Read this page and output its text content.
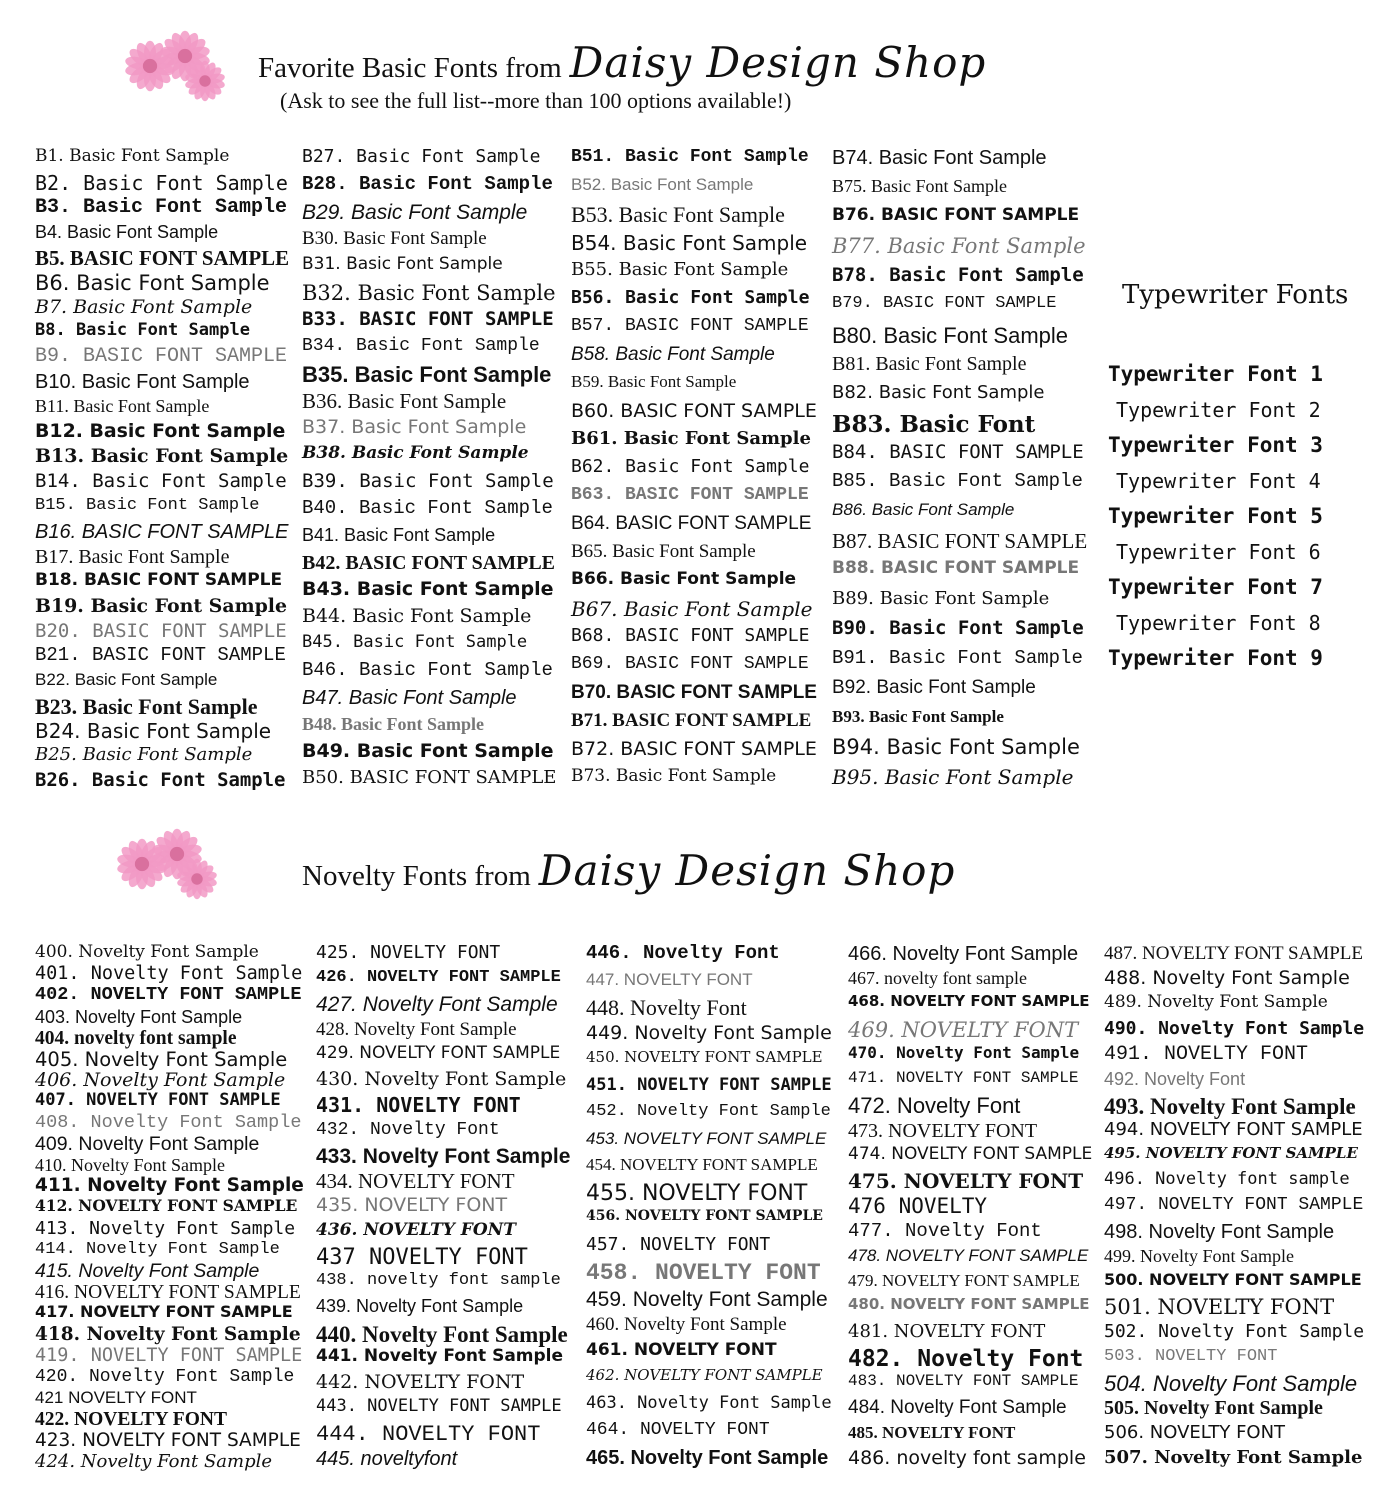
Favorite Basic Fonts from Daisy Design Shop
(Ask to see the full list--more than 100 options available!)
B1. Basic Font Sample
B2. Basic Font Sample
B3. Basic Font Sample
B4. Basic Font Sample
B5. BASIC FONT SAMPLE
B6. Basic Font Sample
B7. Basic Font Sample
B8. Basic Font Sample
B9. BASIC FONT SAMPLE
B10. Basic Font Sample
B11. Basic Font Sample
B12. Basic Font Sample
B13. Basic Font Sample
B14. Basic Font Sample
B15. Basic Font Sample
B16. BASIC FONT SAMPLE
B17. Basic Font Sample
B18. BASIC FONT SAMPLE
B19. Basic Font Sample
B20. BASIC FONT SAMPLE
B21. BASIC FONT SAMPLE
B22. Basic Font Sample
B23. Basic Font Sample
B24. Basic Font Sample
B25. Basic Font Sample
B26. Basic Font Sample
B27. Basic Font Sample
B28. Basic Font Sample
B29. Basic Font Sample
B30. Basic Font Sample
B31. Basic Font Sample
B32. Basic Font Sample
B33. BASIC FONT SAMPLE
B34. Basic Font Sample
B35. Basic Font Sample
B36. Basic Font Sample
B37. Basic Font Sample
B38. Basic Font Sample
B39. Basic Font Sample
B40. Basic Font Sample
B41. Basic Font Sample
B42. BASIC FONT SAMPLE
B43. Basic Font Sample
B44. Basic Font Sample
B45. Basic Font Sample
B46. Basic Font Sample
B47. Basic Font Sample
B48. Basic Font Sample
B49. Basic Font Sample
B50. BASIC FONT SAMPLE
B51. Basic Font Sample
B52. Basic Font Sample
B53. Basic Font Sample
B54. Basic Font Sample
B55. Basic Font Sample
B56. Basic Font Sample
B57. BASIC FONT SAMPLE
B58. Basic Font Sample
B59. Basic Font Sample
B60. BASIC FONT SAMPLE
B61. Basic Font Sample
B62. Basic Font Sample
B63. BASIC FONT SAMPLE
B64. BASIC FONT SAMPLE
B65. Basic Font Sample
B66. Basic Font Sample
B67. Basic Font Sample
B68. BASIC FONT SAMPLE
B69. BASIC FONT SAMPLE
B70. BASIC FONT SAMPLE
B71. BASIC FONT SAMPLE
B72. BASIC FONT SAMPLE
B73. Basic Font Sample
B74. Basic Font Sample
B75. Basic Font Sample
B76. BASIC FONT SAMPLE
B77. Basic Font Sample
B78. Basic Font Sample
B79. BASIC FONT SAMPLE
B80. Basic Font Sample
B81. Basic Font Sample
B82. Basic Font Sample
B83. Basic Font
B84. BASIC FONT SAMPLE
B85. Basic Font Sample
B86. Basic Font Sample
B87. BASIC FONT SAMPLE
B88. BASIC FONT SAMPLE
B89. Basic Font Sample
B90. Basic Font Sample
B91. Basic Font Sample
B92. Basic Font Sample
B93. Basic Font Sample
B94. Basic Font Sample
B95. Basic Font Sample
Typewriter Fonts
Typewriter Font 1
Typewriter Font 2
Typewriter Font 3
Typewriter Font 4
Typewriter Font 5
Typewriter Font 6
Typewriter Font 7
Typewriter Font 8
Typewriter Font 9
Novelty Fonts from Daisy Design Shop
400. Novelty Font Sample
401. Novelty Font Sample
402. NOVELTY FONT SAMPLE
403. Novelty Font Sample
404. novelty font sample
405. Novelty Font Sample
406. Novelty Font Sample
407. NOVELTY FONT SAMPLE
408. Novelty Font Sample
409. Novelty Font Sample
410. Novelty Font Sample
411. Novelty Font Sample
412. NOVELTY FONT SAMPLE
413. Novelty Font Sample
414. Novelty Font Sample
415. Novelty Font Sample
416. NOVELTY FONT SAMPLE
417. NOVELTY FONT SAMPLE
418. Novelty Font Sample
419. NOVELTY FONT SAMPLE
420. Novelty Font Sample
421 NOVELTY FONT
422. NOVELTY FONT
423. NOVELTY FONT SAMPLE
424. Novelty Font Sample
425. NOVELTY FONT
426. NOVELTY FONT SAMPLE
427. Novelty Font Sample
428. Novelty Font Sample
429. NOVELTY FONT SAMPLE
430. Novelty Font Sample
431. NOVELTY FONT
432. Novelty Font
433. Novelty Font Sample
434. NOVELTY FONT
435. NOVELTY FONT
436. NOVELTY FONT
437 NOVELTY FONT
438. novelty font sample
439. Novelty Font Sample
440. Novelty Font Sample
441. Novelty Font Sample
442. NOVELTY FONT
443. NOVELTY FONT SAMPLE
444. NOVELTY FONT
445. noveltyfont
446. Novelty Font
447. NOVELTY FONT
448. Novelty Font
449. Novelty Font Sample
450. NOVELTY FONT SAMPLE
451. NOVELTY FONT SAMPLE
452. Novelty Font Sample
453. NOVELTY FONT SAMPLE
454. NOVELTY FONT SAMPLE
455. NOVELTY FONT
456. NOVELTY FONT SAMPLE
457. NOVELTY FONT
458. NOVELTY FONT
459. Novelty Font Sample
460. Novelty Font Sample
461. NOVELTY FONT
462. NOVELTY FONT SAMPLE
463. Novelty Font Sample
464. NOVELTY FONT
465. Novelty Font Sample
466. Novelty Font Sample
467. novelty font sample
468. NOVELTY FONT SAMPLE
469. NOVELTY FONT
470. Novelty Font Sample
471. NOVELTY FONT SAMPLE
472. Novelty Font
473. NOVELTY FONT
474. NOVELTY FONT SAMPLE
475. NOVELTY FONT
476 NOVELTY
477. Novelty Font
478. NOVELTY FONT SAMPLE
479. NOVELTY FONT SAMPLE
480. NOVELTY FONT SAMPLE
481. NOVELTY FONT
482. Novelty Font
483. NOVELTY FONT SAMPLE
484. Novelty Font Sample
485. NOVELTY FONT
486. novelty font sample
487. NOVELTY FONT SAMPLE
488. Novelty Font Sample
489. Novelty Font Sample
490. Novelty Font Sample
491. NOVELTY FONT
492. Novelty Font
493. Novelty Font Sample
494. NOVELTY FONT SAMPLE
495. NOVELTY FONT SAMPLE
496. Novelty font sample
497. NOVELTY FONT SAMPLE
498. Novelty Font Sample
499. Novelty Font Sample
500. NOVELTY FONT SAMPLE
501. NOVELTY FONT
502. Novelty Font Sample
503. NOVELTY FONT
504. Novelty Font Sample
505. Novelty Font Sample
506. NOVELTY FONT
507. Novelty Font Sample
